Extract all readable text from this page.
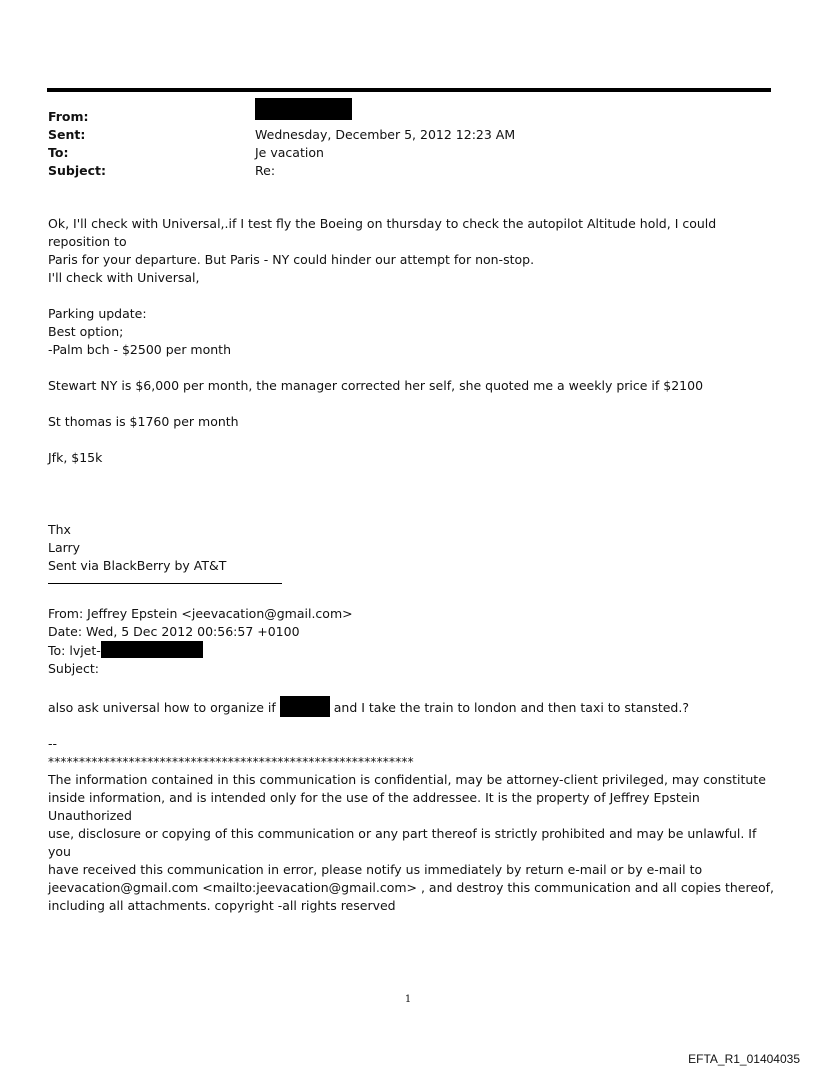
From:
Sent:	Wednesday, December 5, 2012 12:23 AM
To:	Je vacation
Subject:	Re:

Ok, I'll check with Universal,.if I test fly the Boeing on thursday to check the autopilot Altitude hold, I could reposition to

Paris for your departure. But Paris - NY could hinder our attempt for non-stop.

I'll check with Universal,

Parking update:

Best option;

-Palm bch - $2500 per month

Stewart NY is $6,000 per month, the manager corrected her self, she quoted me a weekly price if $2100

St thomas is $1760 per month

Jfk, $15k

Thx

Larry

Sent via BlackBerry by AT&T

From: Jeffrey Epstein <jeevacation@gmail.com>

Date: Wed, 5 Dec 2012 00:56:57 +0100

To: lvjet-

Subject:

also ask universal how to organize if	and I take the train to london and then taxi to stansted.?

--

***********************************************************

The information contained in this communication is confidential, may be attorney-client privileged, may constitute

inside information, and is intended only for the use of the addressee. It is the property of Jeffrey Epstein Unauthorized

use, disclosure or copying of this communication or any part thereof is strictly prohibited and may be unlawful. If you

have received this communication in error, please notify us immediately by return e-mail or by e-mail to

jeevacation@gmail.com <mailto:jeevacation@gmail.com> , and destroy this communication and all copies thereof,

including all attachments. copyright -all rights reserved

1
EFTA_R1_01404035
